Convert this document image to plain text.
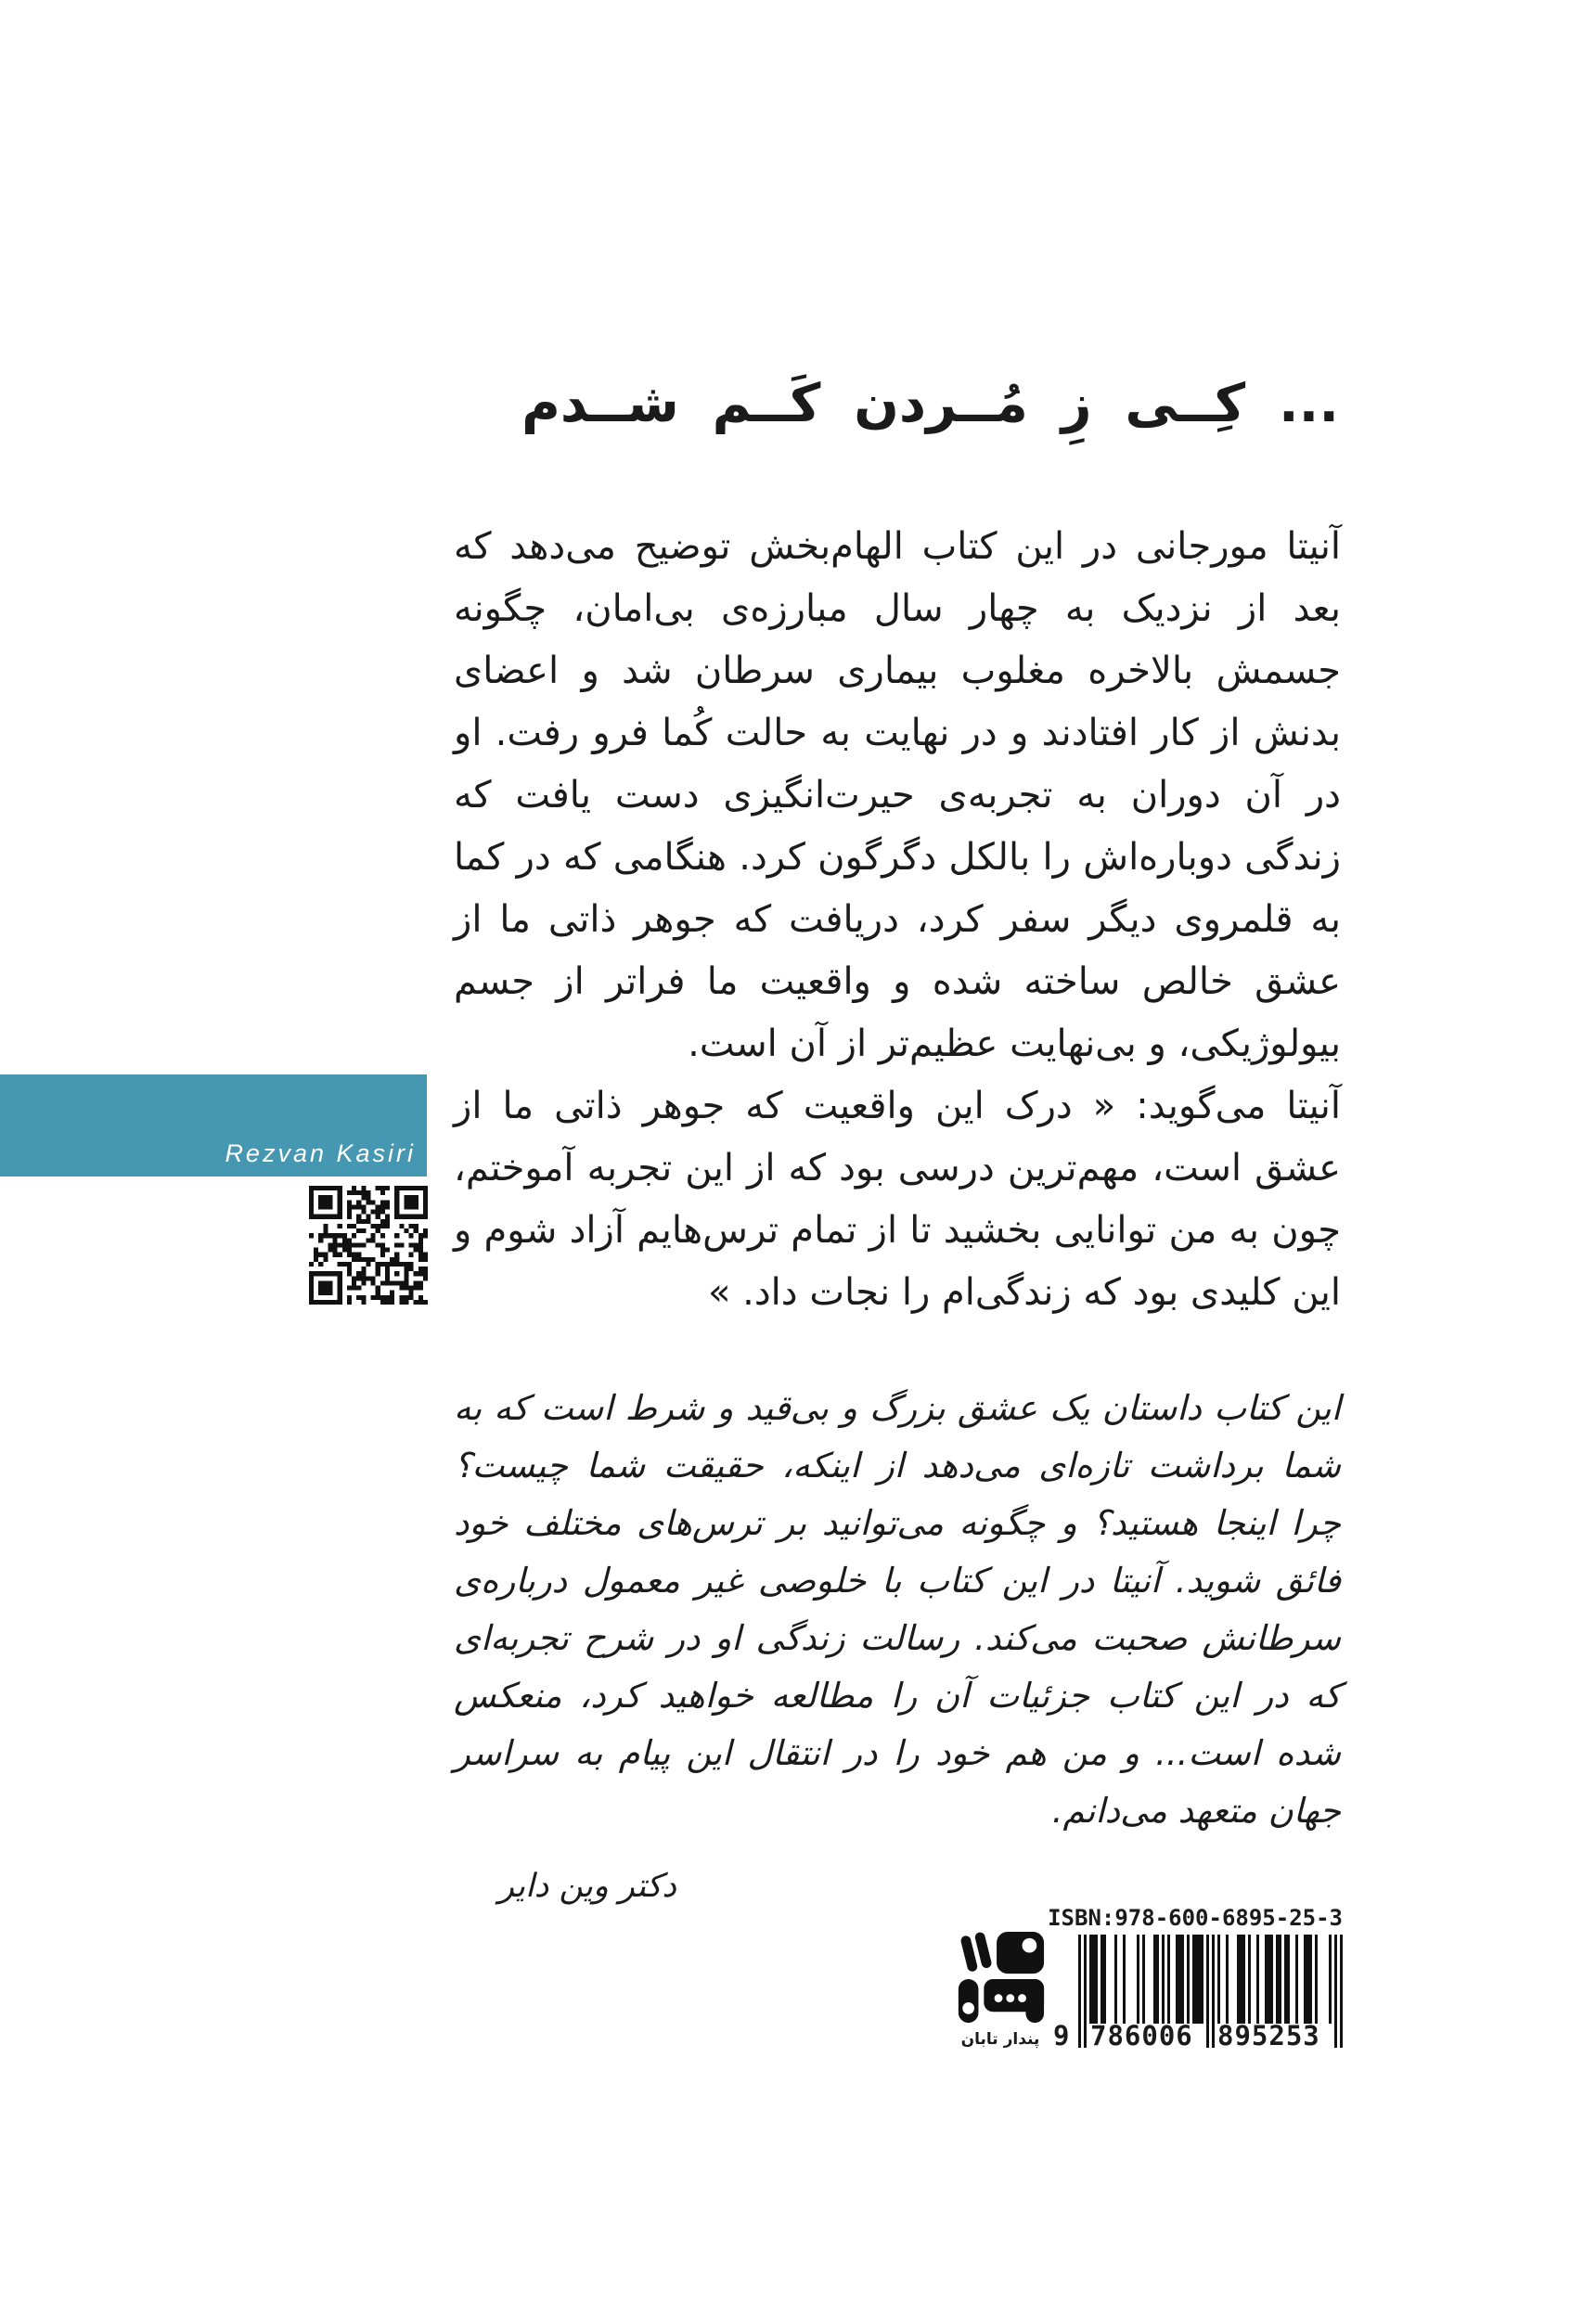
... کِــی زِ مُــردن کَــم شــدم

آنیتا مورجانی در این کتاب الهام‌بخش توضیح می‌دهد که بعد از نزدیک به چهار سال مبارزه‌ی بی‌امان، چگونه جسمش بالاخره مغلوب بیماری سرطان شد و اعضای بدنش از کار افتادند و در نهایت به حالت کُما فرو رفت. او در آن دوران به تجربه‌ی حیرت‌انگیزی دست یافت که زندگی دوباره‌اش را بالکل دگرگون کرد. هنگامی که در کما به قلمروی دیگر سفر کرد، دریافت که جوهر ذاتی ما از عشق خالص ساخته شده و واقعیت ما فراتر از جسم بیولوژیکی، و بی‌نهایت عظیم‌تر از آن است.

آنیتا می‌گوید: « درک این واقعیت که جوهر ذاتی ما از عشق است، مهم‌ترین درسی بود که از این تجربه آموختم، چون به من توانایی بخشید تا از تمام ترس‌هایم آزاد شوم و این کلیدی بود که زندگی‌ام را نجات داد. »

این کتاب داستان یک عشق بزرگ و بی‌قید و شرط است که به شما برداشت تازه‌ای می‌دهد از اینکه، حقیقت شما چیست؟ چرا اینجا هستید؟ و چگونه می‌توانید بر ترس‌های مختلف خود فائق شوید. آنیتا در این کتاب با خلوصی غیر معمول درباره‌ی سرطانش صحبت می‌کند. رسالت زندگی او در شرح تجربه‌ای که در این کتاب جزئیات آن را مطالعه خواهید کرد، منعکس شده است... و من هم خود را در انتقال این پیام به سراسر جهان متعهد می‌دانم.

دکتر وین دایر

Rezvan Kasiri
ISBN:978-600-6895-25-3
9 786006 895253
پندار تابان
